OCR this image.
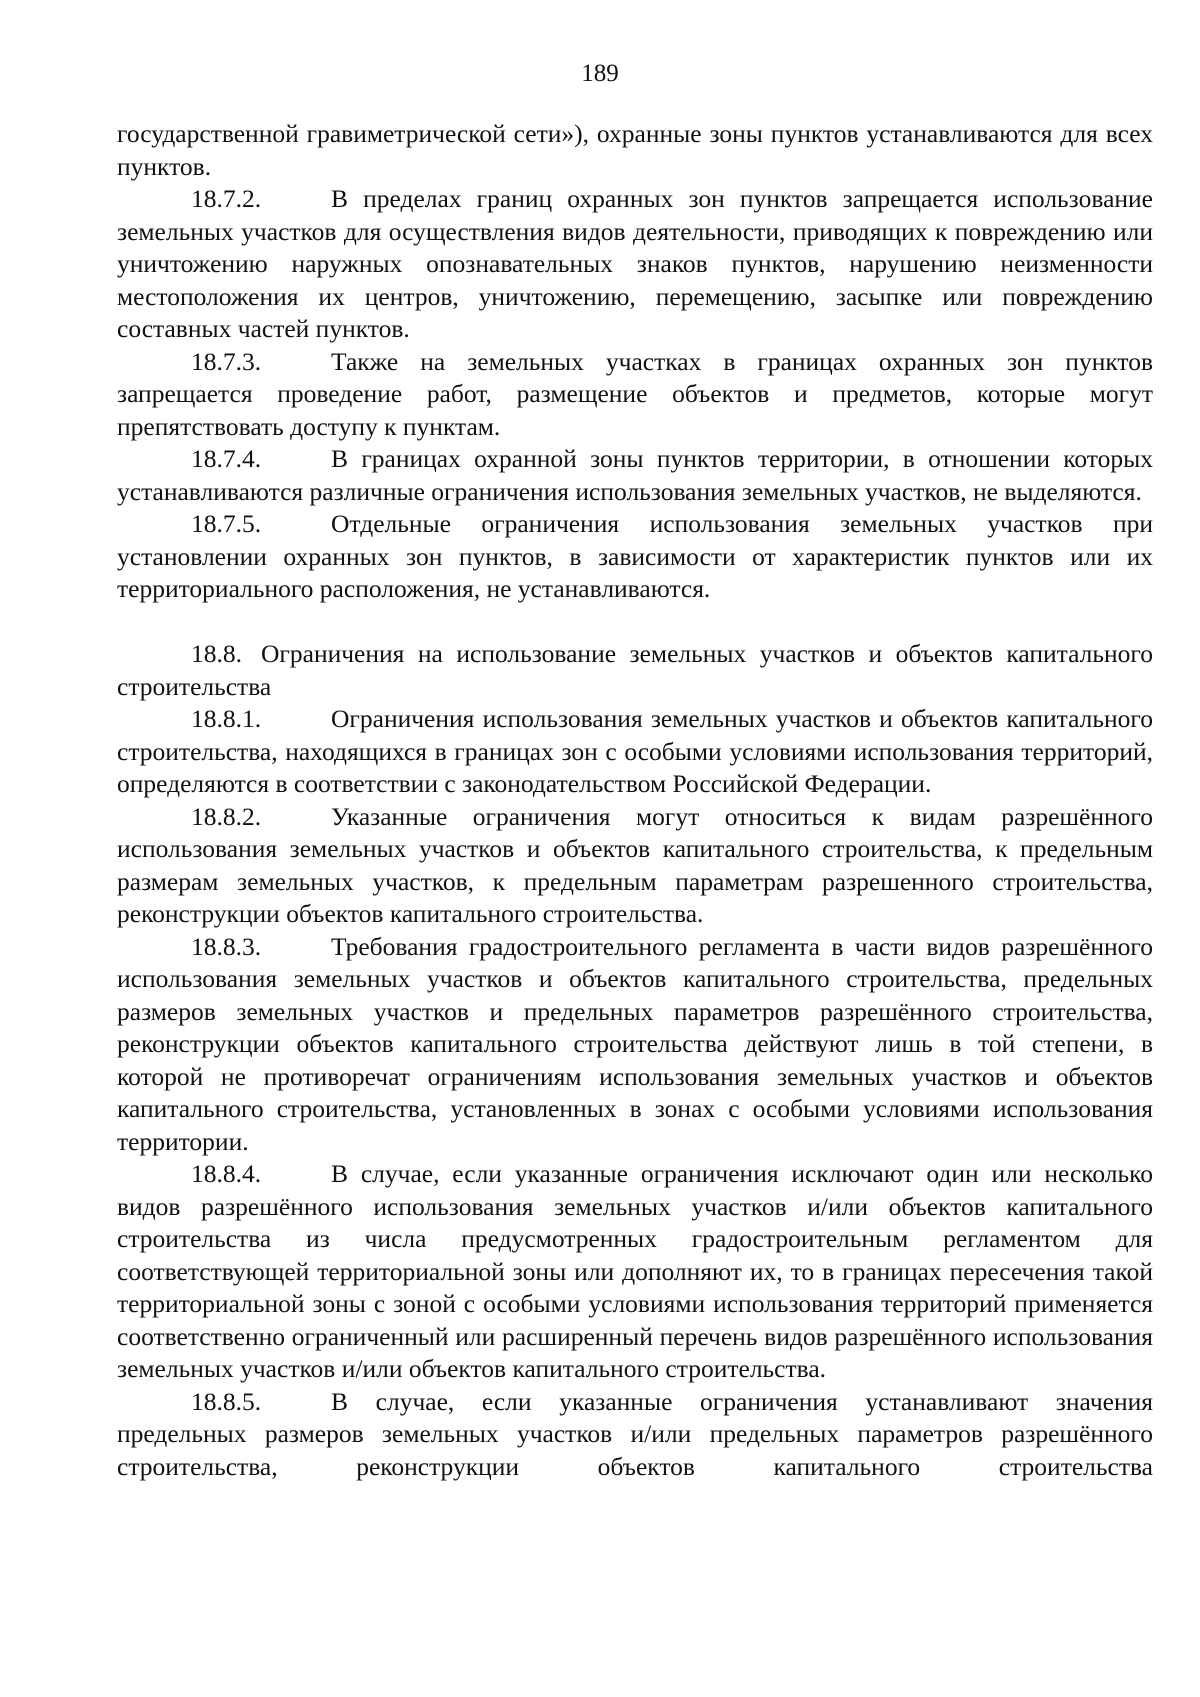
189

государственной гравиметрической сети»), охранные зоны пунктов устанавливаются для всех пунктов.

18.7.2.	В пределах границ охранных зон пунктов запрещается использование земельных участков для осуществления видов деятельности, приводящих к повреждению или уничтожению наружных опознавательных знаков пунктов, нарушению неизменности местоположения их центров, уничтожению, перемещению, засыпке или повреждению составных частей пунктов.

18.7.3.	Также на земельных участках в границах охранных зон пунктов запрещается проведение работ, размещение объектов и предметов, которые могут препятствовать доступу к пунктам.

18.7.4.	В границах охранной зоны пунктов территории, в отношении которых устанавливаются различные ограничения использования земельных участков, не выделяются.

18.7.5.	Отдельные ограничения использования земельных участков при установлении охранных зон пунктов, в зависимости от характеристик пунктов или их территориального расположения, не устанавливаются.

18.8. Ограничения на использование земельных участков и объектов капитального строительства

18.8.1.	Ограничения использования земельных участков и объектов капитального строительства, находящихся в границах зон с особыми условиями использования территорий, определяются в соответствии с законодательством Российской Федерации.

18.8.2.	Указанные ограничения могут относиться к видам разрешённого использования земельных участков и объектов капитального строительства, к предельным размерам земельных участков, к предельным параметрам разрешенного строительства, реконструкции объектов капитального строительства.

18.8.3.	Требования градостроительного регламента в части видов разрешённого использования земельных участков и объектов капитального строительства, предельных размеров земельных участков и предельных параметров разрешённого строительства, реконструкции объектов капитального строительства действуют лишь в той степени, в которой не противоречат ограничениям использования земельных участков и объектов капитального строительства, установленных в зонах с особыми условиями использования территории.

18.8.4.	В случае, если указанные ограничения исключают один или несколько видов разрешённого использования земельных участков и/или объектов капитального строительства из числа предусмотренных градостроительным регламентом для соответствующей территориальной зоны или дополняют их, то в границах пересечения такой территориальной зоны с зоной с особыми условиями использования территорий применяется соответственно ограниченный или расширенный перечень видов разрешённого использования земельных участков и/или объектов капитального строительства.

18.8.5.	В случае, если указанные ограничения устанавливают значения предельных размеров земельных участков и/или предельных параметров разрешённого строительства, реконструкции объектов капитального строительства
